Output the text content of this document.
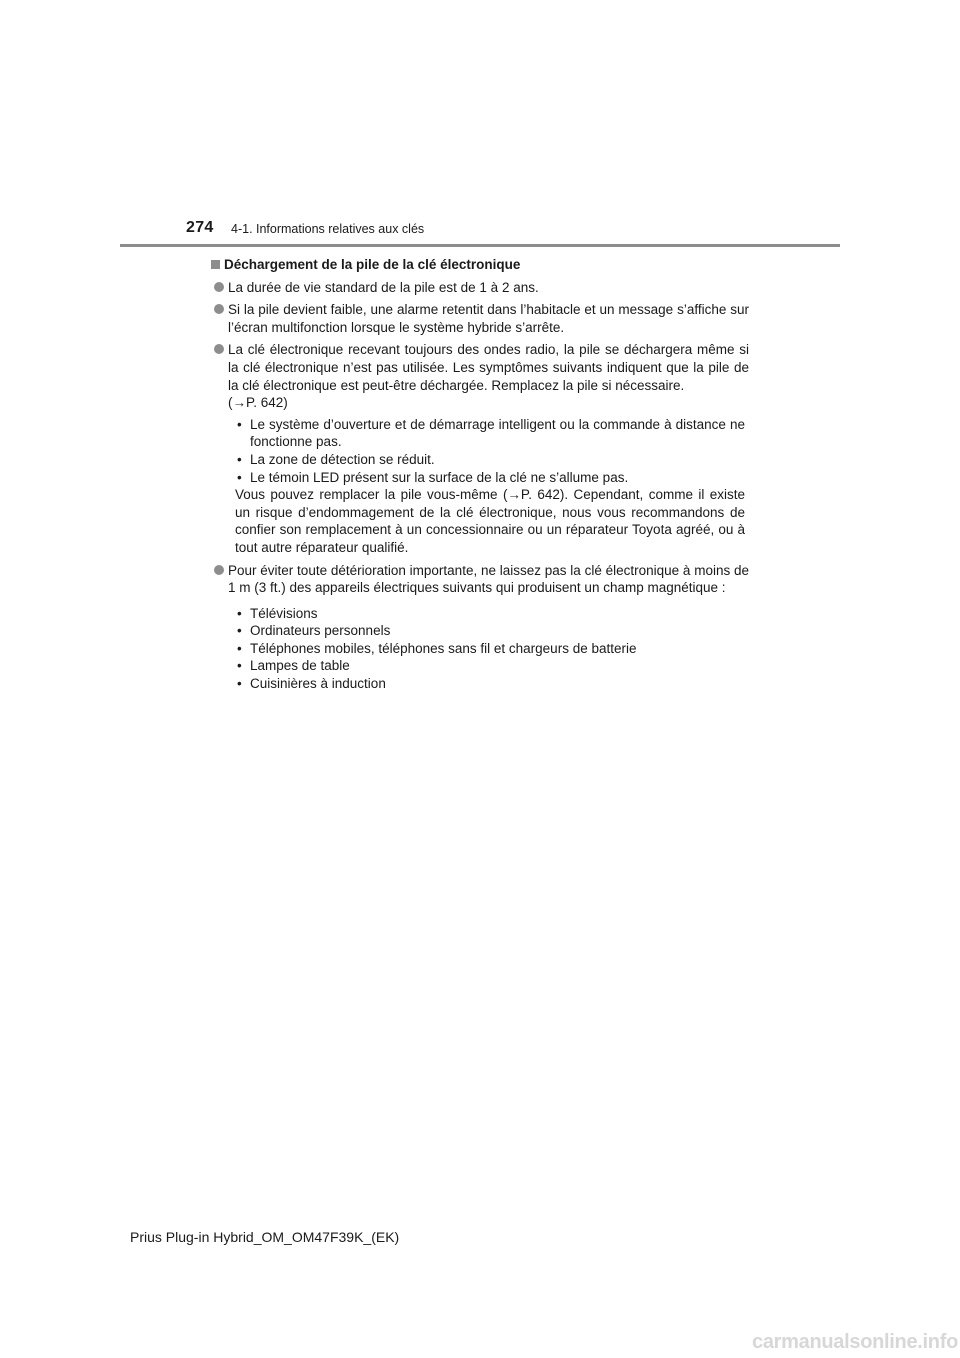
274 4-1. Informations relatives aux clés
Déchargement de la pile de la clé électronique
La durée de vie standard de la pile est de 1 à 2 ans.
Si la pile devient faible, une alarme retentit dans l’habitacle et un message s’affiche sur l’écran multifonction lorsque le système hybride s’arrête.
La clé électronique recevant toujours des ondes radio, la pile se déchargera même si la clé électronique n’est pas utilisée. Les symptômes suivants indiquent que la pile de la clé électronique est peut-être déchargée. Remplacez la pile si nécessaire.
(→P. 642)
• Le système d’ouverture et de démarrage intelligent ou la commande à distance ne fonctionne pas.
• La zone de détection se réduit.
• Le témoin LED présent sur la surface de la clé ne s’allume pas.
Vous pouvez remplacer la pile vous-même (→P. 642). Cependant, comme il existe un risque d’endommagement de la clé électronique, nous vous recommandons de confier son remplacement à un concessionnaire ou un réparateur Toyota agréé, ou à tout autre réparateur qualifié.
Pour éviter toute détérioration importante, ne laissez pas la clé électronique à moins de 1 m (3 ft.) des appareils électriques suivants qui produisent un champ magnétique :
• Télévisions
• Ordinateurs personnels
• Téléphones mobiles, téléphones sans fil et chargeurs de batterie
• Lampes de table
• Cuisinières à induction
Prius Plug-in Hybrid_OM_OM47F39K_(EK)
carmanualsonline.info
